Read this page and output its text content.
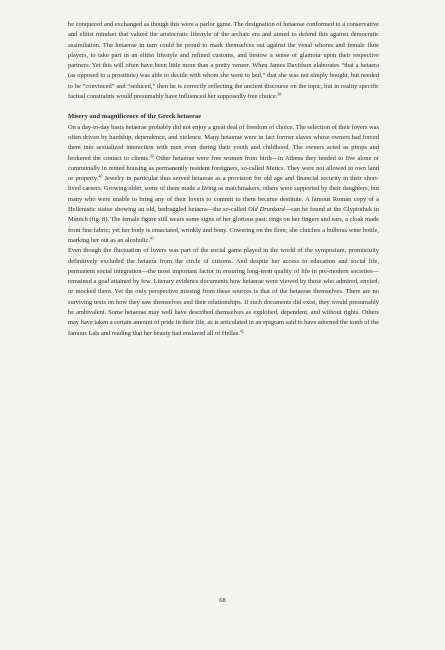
be conquered and exchanged as though this were a parlor game. The designation of hetaerae conformed to a conservative and elitist mindset that valued the aristocratic lifestyle of the archaic era and aimed to defend this against democratic assimilation. The hetaerae in turn could be proud to mark themselves out against the venal whores and female flute players, to take part in an elitist lifestyle and refined customs, and bestow a sense of glamour upon their respective partners. Yet this will often have been little more than a pretty veneer. When James Davidson elaborates “that a hetaera (as opposed to a prostitute) was able to decide with whom she went to bed,” that she was not simply bought, but needed to be “convinced” and “seduced,” then he is correctly reflecting the ancient discourse on the topic, but in reality specific factual constraints would presumably have influenced her supposedly free choice.$^{38}$

Misery and magnificence of the Greek hetaerae

On a day-to-day basis hetaerae probably did not enjoy a great deal of freedom of choice. The selection of their lovers was often driven by hardship, dependence, and violence. Many hetaerae were in fact former slaves whose owners had forced them into sexualized interaction with men even during their youth and childhood. The owners acted as pimps and brokered the contact to clients.$^{39}$ Other hetaerae were free women from birth—in Athens they tended to live alone or communally in rented housing as permanently resident foreigners, so-called Metics. They were not allowed to own land or property.$^{40}$ Jewelry in particular thus served hetaerae as a provision for old age and financial security in their short-lived careers. Growing older, some of them made a living as matchmakers, others were supported by their daughters, but many who were unable to bring any of their lovers to commit to them became destitute. A famous Roman copy of a Hellenistic statue showing an old, bedraggled hetaera—the so-called Old Drunkard—can be found at the Glyptothek in Munich (fig. 8). The female figure still wears some signs of her glorious past: rings on her fingers and ears, a cloak made from fine fabric; yet her body is emaciated, wrinkly and bony. Cowering on the floor, she clutches a bulbous wine bottle, marking her out as an alcoholic.$^{41}$

Even though the fluctuation of lovers was part of the social game played in the world of the symposium, promiscuity definitively excluded the hetaera from the circle of citizens. And despite her access to education and social life, permanent social integration—the most important factor in ensuring long-term quality of life in pre-modern societies—remained a goal attained by few. Literary evidence documents how hetaerae were viewed by those who admired, envied, or mocked them. Yet the only perspective missing from these sources is that of the hetaerae themselves. There are no surviving texts on how they saw themselves and their relationships. If such documents did exist, they would presumably be ambivalent. Some hetaerae may well have described themselves as exploited, dependent, and without rights. Others may have taken a certain amount of pride in their life, as is articulated in an epigram said to have adorned the tomb of the famous Laïs and reading that her beauty had enslaved all of Hellas.$^{42}$

68
